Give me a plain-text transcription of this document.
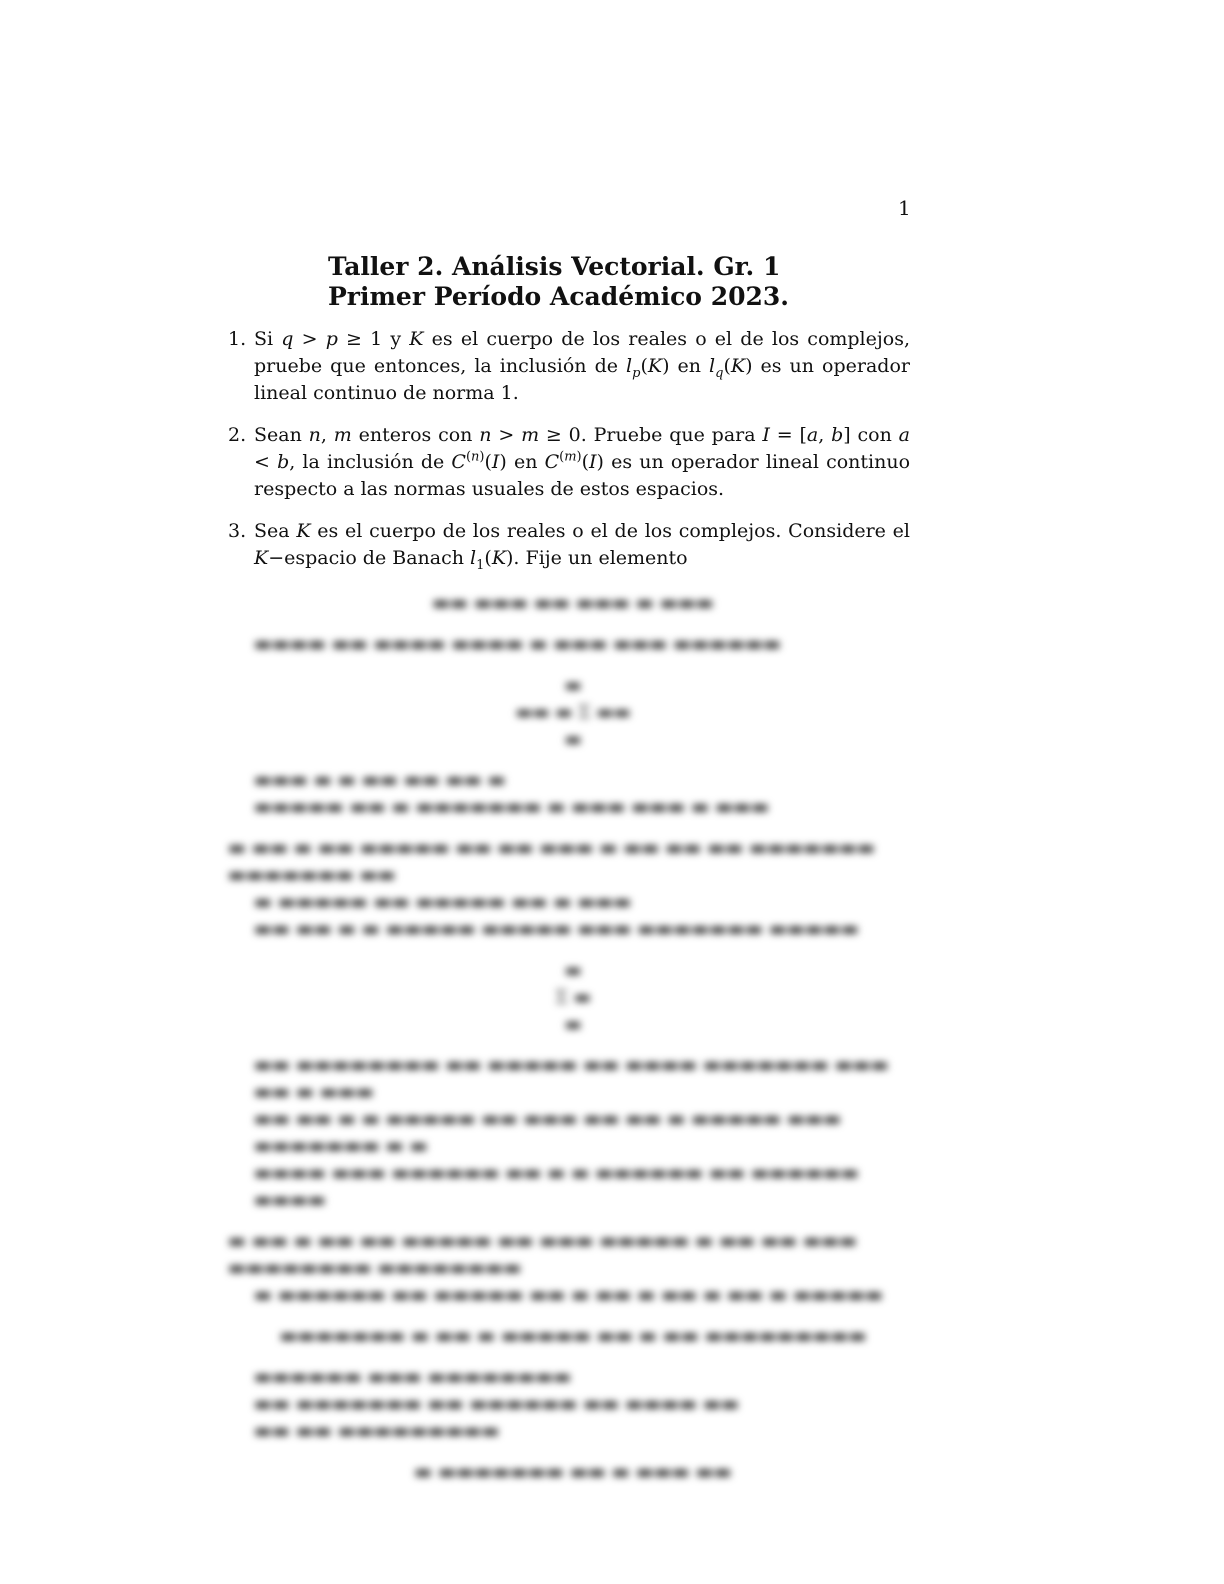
1
Taller 2. Análisis Vectorial. Gr. 1
Primer Período Académico 2023.
1. Si q > p ≥ 1 y K es el cuerpo de los reales o el de los complejos, pruebe que entonces, la inclusión de $l_p(K)$ en $l_q(K)$ es un operador lineal continuo de norma 1.
2. Sean n, m enteros con n > m ≥ 0. Pruebe que para I = [a, b] con a < b, la inclusión de $C^{(n)}(I)$ en $C^{(m)}(I)$ es un operador lineal continuo respecto a las normas usuales de estos espacios.
3. Sea K es el cuerpo de los reales o el de los complejos. Considere el K−espacio de Banach $l_1(K)$. Fije un elemento
▬▬ ▬▬▬ ▬▬ ▬▬▬ ▬ ▬▬▬
▬▬▬▬ ▬▬ ▬▬▬▬ ▬▬▬▬ ▬ ▬▬▬ ▬▬▬ ▬▬▬▬▬▬
▬
▬▬ ▬ Σ ▬▬
▬
▬▬▬ ▬ ▬ ▬▬ ▬▬ ▬▬ ▬
▬▬▬▬▬ ▬▬ ▬ ▬▬▬▬▬▬▬ ▬ ▬▬▬ ▬▬▬ ▬ ▬▬▬
▬ ▬▬ ▬ ▬▬ ▬▬▬▬▬ ▬▬ ▬▬ ▬▬▬ ▬ ▬▬ ▬▬ ▬▬ ▬▬▬▬▬▬▬ ▬▬▬▬▬▬▬ ▬▬
▬ ▬▬▬▬▬ ▬▬ ▬▬▬▬▬ ▬▬ ▬ ▬▬▬
▬▬ ▬▬ ▬ ▬ ▬▬▬▬▬ ▬▬▬▬▬ ▬▬▬ ▬▬▬▬▬▬▬ ▬▬▬▬▬
▬
Σ ▬
▬
▬▬ ▬▬▬▬▬▬▬▬ ▬▬ ▬▬▬▬▬ ▬▬ ▬▬▬▬ ▬▬▬▬▬▬▬ ▬▬▬ ▬▬ ▬ ▬▬▬
▬▬ ▬▬ ▬ ▬ ▬▬▬▬▬ ▬▬ ▬▬▬ ▬▬ ▬▬ ▬ ▬▬▬▬▬ ▬▬▬ ▬▬▬▬▬▬▬ ▬ ▬
▬▬▬▬ ▬▬▬ ▬▬▬▬▬▬ ▬▬ ▬ ▬ ▬▬▬▬▬▬ ▬▬ ▬▬▬▬▬▬ ▬▬▬▬
▬ ▬▬ ▬ ▬▬ ▬▬ ▬▬▬▬▬ ▬▬ ▬▬▬ ▬▬▬▬▬ ▬ ▬▬ ▬▬ ▬▬▬ ▬▬▬▬▬▬▬▬ ▬▬▬▬▬▬▬▬
▬ ▬▬▬▬▬▬ ▬▬ ▬▬▬▬▬ ▬▬ ▬ ▬▬ ▬ ▬▬ ▬ ▬▬ ▬ ▬▬▬▬▬
▬▬▬▬▬▬▬ ▬ ▬▬ ▬ ▬▬▬▬▬ ▬▬ ▬ ▬▬ ▬▬▬▬▬▬▬▬▬
▬▬▬▬▬▬ ▬▬▬ ▬▬▬▬▬▬▬▬
▬▬ ▬▬▬▬▬▬▬ ▬▬ ▬▬▬▬▬▬ ▬▬ ▬▬▬▬ ▬▬
▬▬ ▬▬ ▬▬▬▬▬▬▬▬▬
▬ ▬▬▬▬▬▬▬ ▬▬ ▬ ▬▬▬ ▬▬
